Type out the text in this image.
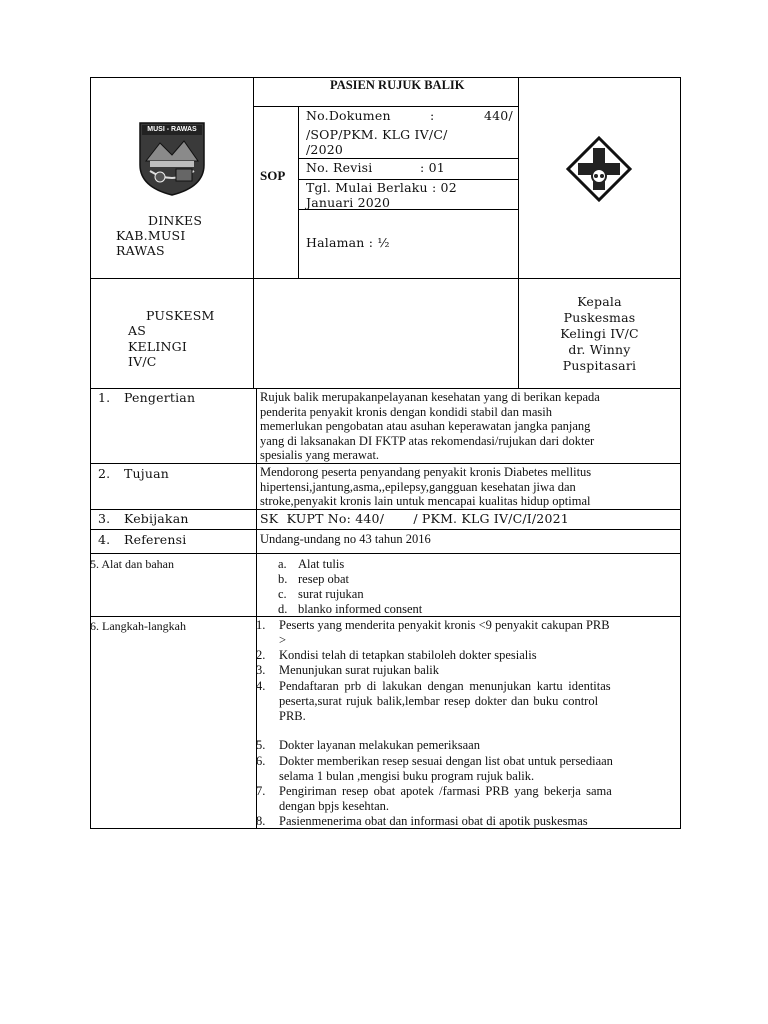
MUSI - RAWAS
DINKES
KAB.MUSI
RAWAS
PASIEN RUJUK BALIK
SOP
No.Dokumen	:	440/
/SOP/PKM. KLG IV/C/
/2020
No. Revisi	: 01
Tgl. Mulai Berlaku : 02
Januari 2020
Halaman : ½
PUSKESM
AS
KELINGI
IV/C
Kepala
Puskesmas
Kelingi IV/C
dr. Winny
Puspitasari
1. Pengertian	Rujuk balik merupakanpelayanan kesehatan yang di berikan kepada
penderita penyakit kronis dengan kondidi stabil dan masih
memerlukan pengobatan atau asuhan keperawatan jangka panjang
yang di laksanakan DI FKTP atas rekomendasi/rujukan dari dokter
spesialis yang merawat.
2. Tujuan	Mendorong peserta penyandang penyakit kronis Diabetes mellitus
hipertensi,jantung,asma,,epilepsy,gangguan kesehatan jiwa dan
stroke,penyakit kronis lain untuk mencapai kualitas hidup optimal
3. Kebijakan	SK  KUPT No: 440/       / PKM. KLG IV/C/I/2021
4. Referensi	Undang-undang no 43 tahun 2016
5. Alat dan bahan	a. Alat tulis
b. resep obat
c. surat rujukan
d. blanko informed consent
6. Langkah-langkah	1. Peserts yang menderita penyakit kronis <9 penyakit cakupan PRB
>
2. Kondisi telah di tetapkan stabiloleh dokter spesialis
3. Menunjukan surat rujukan balik
4. Pendaftaran prb di lakukan dengan menunjukan kartu identitas
peserta,surat rujuk balik,lembar resep dokter dan buku control
PRB.
5. Dokter layanan melakukan pemeriksaan
6. Dokter memberikan resep sesuai dengan list obat untuk persediaan
selama 1 bulan ,mengisi buku program rujuk balik.
7. Pengiriman resep obat apotek /farmasi PRB yang bekerja sama
dengan bpjs kesehtan.
8. Pasienmenerima obat dan informasi obat di apotik puskesmas
